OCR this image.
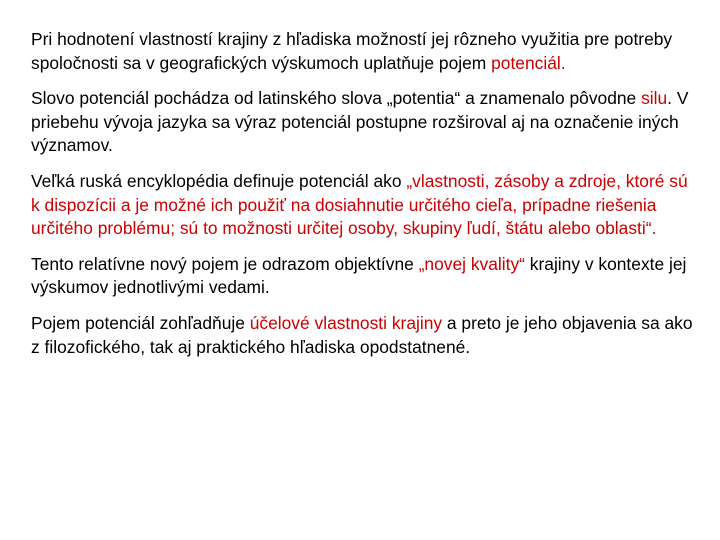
Pri hodnotení vlastností krajiny z hľadiska možností jej rôzneho využitia pre potreby spoločnosti sa v geografických výskumoch uplatňuje pojem potenciál.

Slovo potenciál pochádza od latinského slova „potentia“ a znamenalo pôvodne silu. V priebehu vývoja jazyka sa výraz potenciál postupne rozširoval aj na označenie iných významov.

Veľká ruská encyklopédia definuje potenciál ako „vlastnosti, zásoby a zdroje, ktoré sú k dispozícii a je možné ich použiť na dosiahnutie určitého cieľa, prípadne riešenia určitého problému; sú to možnosti určitej osoby, skupiny ľudí, štátu alebo oblasti“.

Tento relatívne nový pojem je odrazom objektívne „novej kvality“ krajiny v kontexte jej výskumov jednotlivými vedami.

Pojem potenciál zohľadňuje účelové vlastnosti krajiny a preto je jeho objavenia sa ako z filozofického, tak aj praktického hľadiska opodstatnené.
